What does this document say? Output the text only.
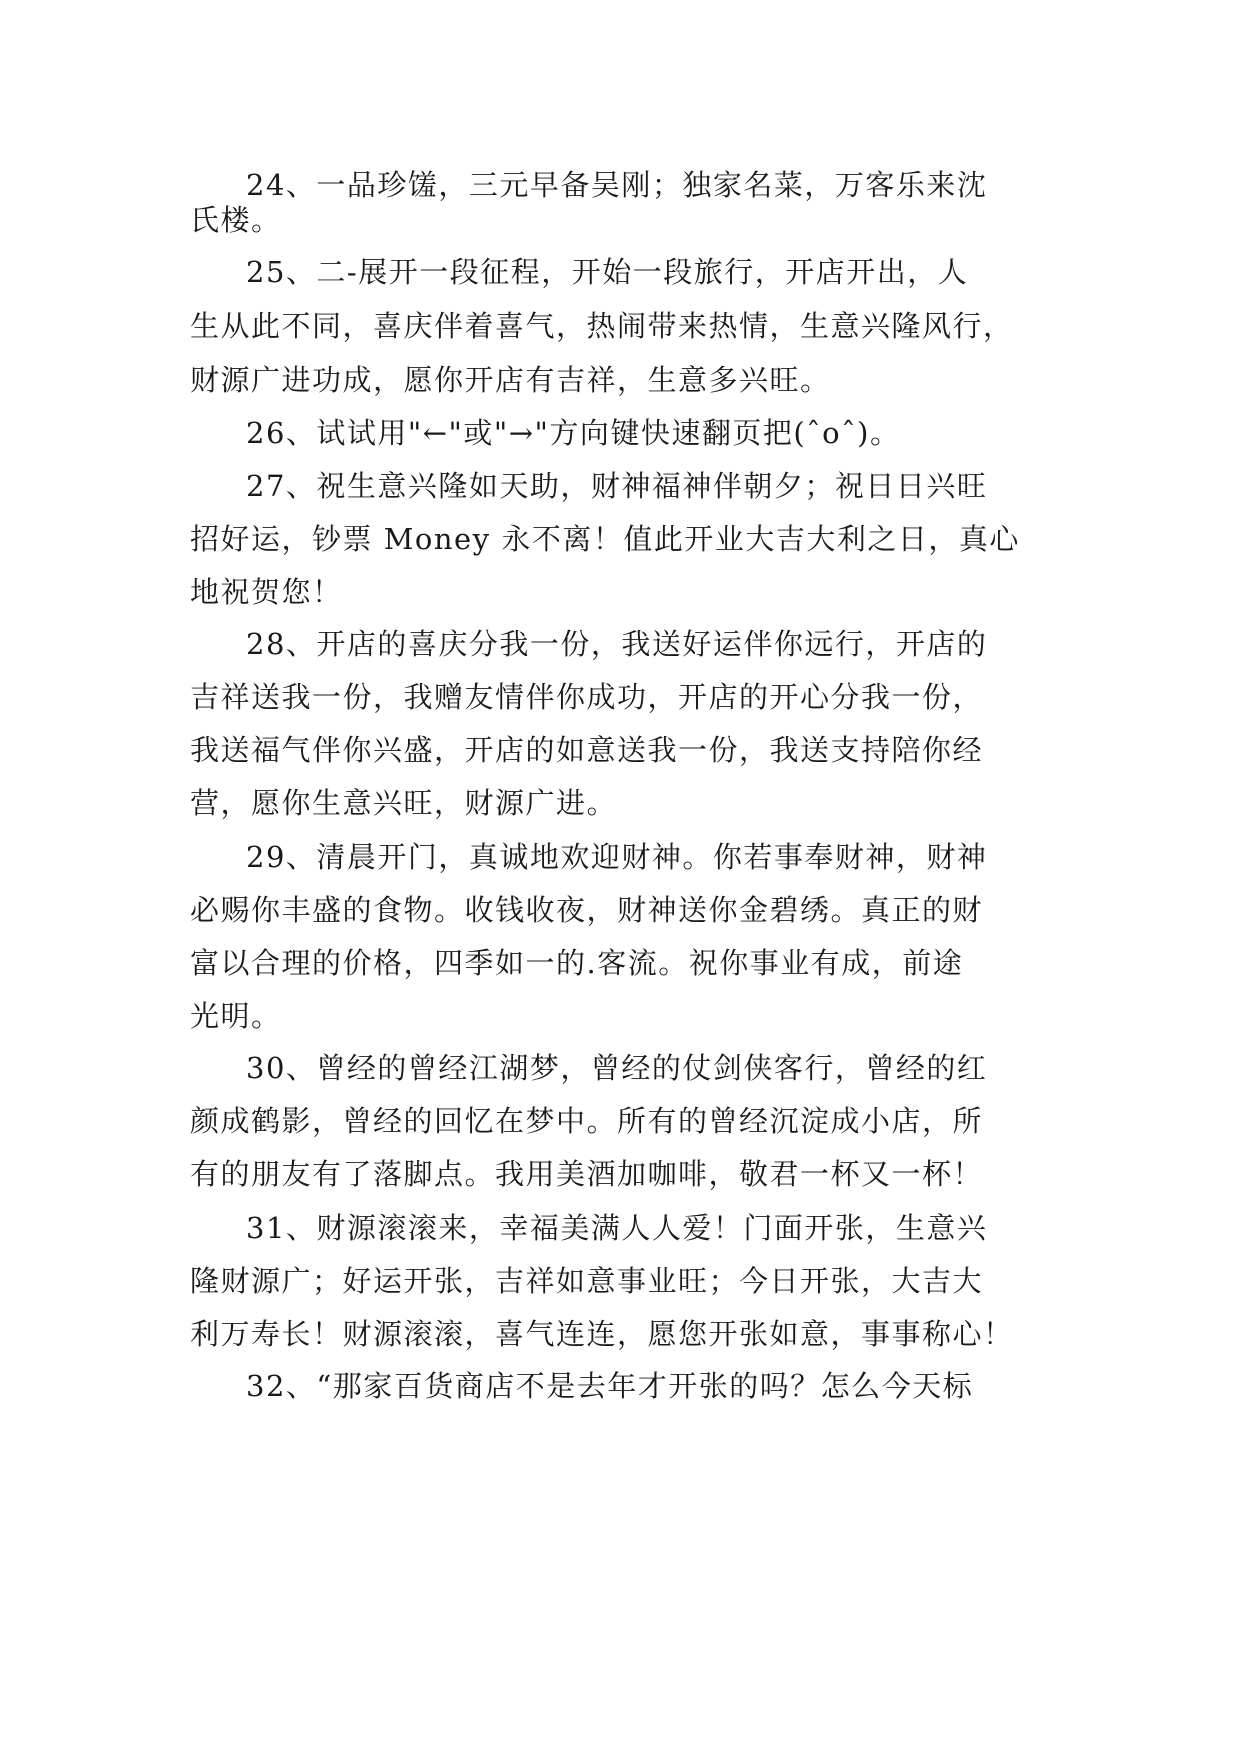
24、一品珍馐，三元早备吴刚；独家名菜，万客乐来沈
氏楼。
25、二-展开一段征程，开始一段旅行，开店开出，人
生从此不同，喜庆伴着喜气，热闹带来热情，生意兴隆风行，
财源广进功成，愿你开店有吉祥，生意多兴旺。
26、试试用"←"或"→"方向键快速翻页把(ˆoˆ)。
27、祝生意兴隆如天助，财神福神伴朝夕；祝日日兴旺
招好运，钞票 Money 永不离！值此开业大吉大利之日，真心
地祝贺您！
28、开店的喜庆分我一份，我送好运伴你远行，开店的
吉祥送我一份，我赠友情伴你成功，开店的开心分我一份，
我送福气伴你兴盛，开店的如意送我一份，我送支持陪你经
营，愿你生意兴旺，财源广进。
29、清晨开门，真诚地欢迎财神。你若事奉财神，财神
必赐你丰盛的食物。收钱收夜，财神送你金碧绣。真正的财
富以合理的价格，四季如一的.客流。祝你事业有成，前途
光明。
30、曾经的曾经江湖梦，曾经的仗剑侠客行，曾经的红
颜成鹤影，曾经的回忆在梦中。所有的曾经沉淀成小店，所
有的朋友有了落脚点。我用美酒加咖啡，敬君一杯又一杯！
31、财源滚滚来，幸福美满人人爱！门面开张，生意兴
隆财源广；好运开张，吉祥如意事业旺；今日开张，大吉大
利万寿长！财源滚滚，喜气连连，愿您开张如意，事事称心！
32、“那家百货商店不是去年才开张的吗？怎么今天标
